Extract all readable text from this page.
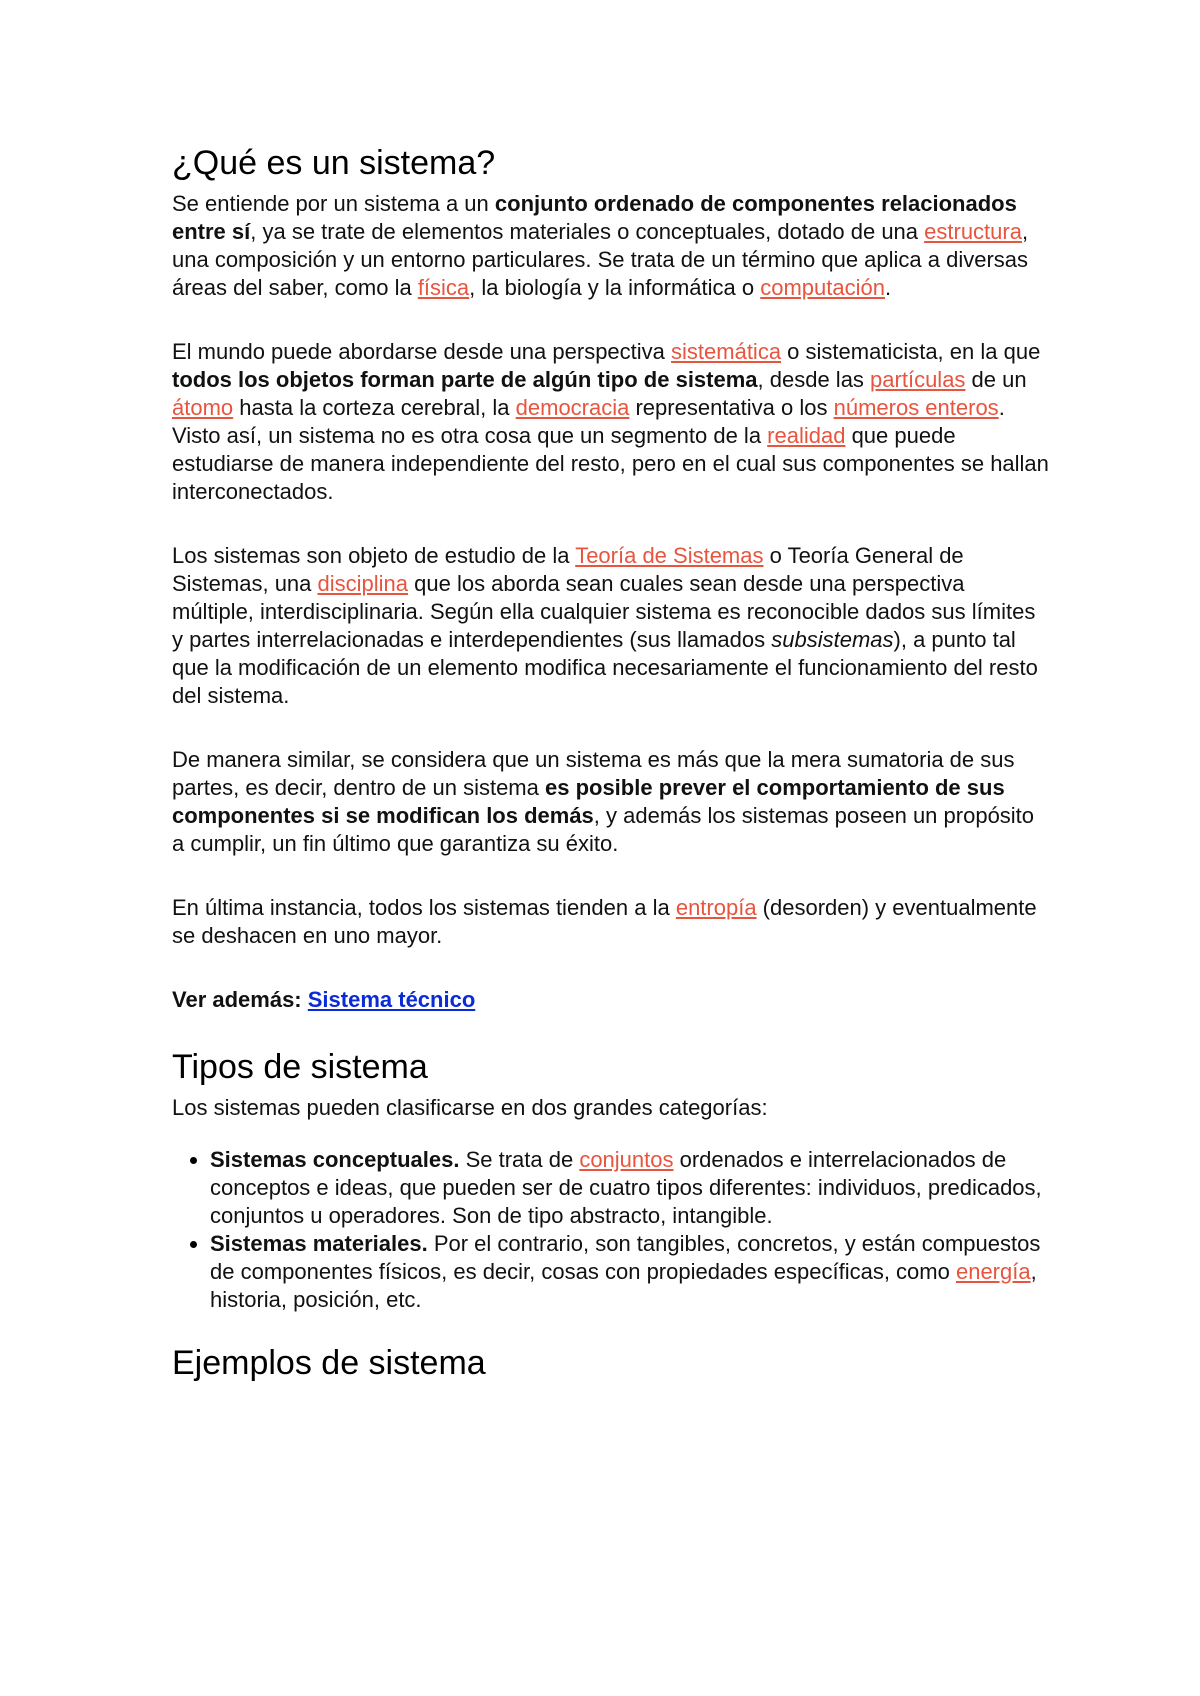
¿Qué es un sistema?

Se entiende por un sistema a un conjunto ordenado de componentes relacionados entre sí, ya se trate de elementos materiales o conceptuales, dotado de una estructura, una composición y un entorno particulares. Se trata de un término que aplica a diversas áreas del saber, como la física, la biología y la informática o computación.

El mundo puede abordarse desde una perspectiva sistemática o sistematicista, en la que todos los objetos forman parte de algún tipo de sistema, desde las partículas de un átomo hasta la corteza cerebral, la democracia representativa o los números enteros. Visto así, un sistema no es otra cosa que un segmento de la realidad que puede estudiarse de manera independiente del resto, pero en el cual sus componentes se hallan interconectados.

Los sistemas son objeto de estudio de la Teoría de Sistemas o Teoría General de Sistemas, una disciplina que los aborda sean cuales sean desde una perspectiva múltiple, interdisciplinaria. Según ella cualquier sistema es reconocible dados sus límites y partes interrelacionadas e interdependientes (sus llamados subsistemas), a punto tal que la modificación de un elemento modifica necesariamente el funcionamiento del resto del sistema.

De manera similar, se considera que un sistema es más que la mera sumatoria de sus partes, es decir, dentro de un sistema es posible prever el comportamiento de sus componentes si se modifican los demás, y además los sistemas poseen un propósito a cumplir, un fin último que garantiza su éxito.

En última instancia, todos los sistemas tienden a la entropía (desorden) y eventualmente se deshacen en uno mayor.

Ver además: Sistema técnico

Tipos de sistema

Los sistemas pueden clasificarse en dos grandes categorías:

• Sistemas conceptuales. Se trata de conjuntos ordenados e interrelacionados de conceptos e ideas, que pueden ser de cuatro tipos diferentes: individuos, predicados, conjuntos u operadores. Son de tipo abstracto, intangible.
• Sistemas materiales. Por el contrario, son tangibles, concretos, y están compuestos de componentes físicos, es decir, cosas con propiedades específicas, como energía, historia, posición, etc.
Ejemplos de sistema
